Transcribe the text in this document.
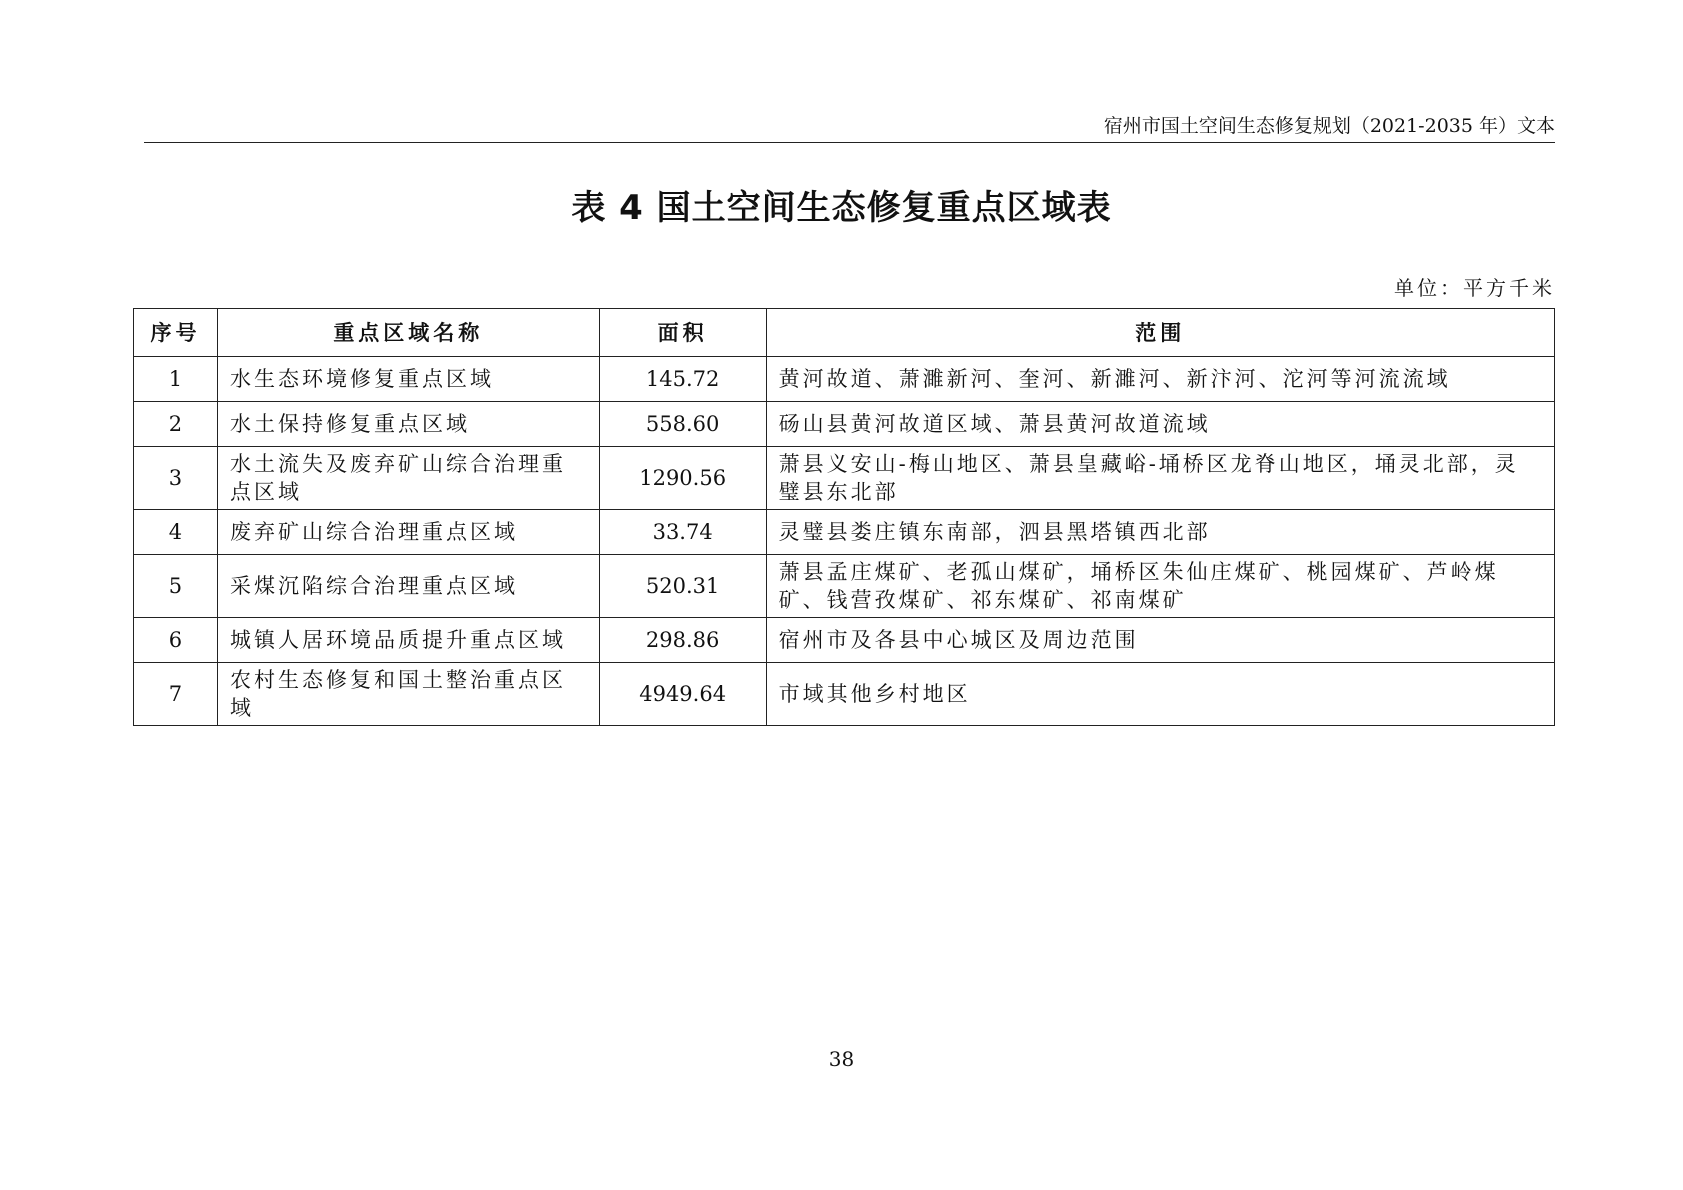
宿州市国土空间生态修复规划（2021-2035 年）文本
表 4 国土空间生态修复重点区域表
单位：平方千米
序号	重点区域名称	面积	范围
1	水生态环境修复重点区域	145.72	黄河故道、萧濉新河、奎河、新濉河、新汴河、沱河等河流流域
2	水土保持修复重点区域	558.60	砀山县黄河故道区域、萧县黄河故道流域
3	水土流失及废弃矿山综合治理重点区域	1290.56	萧县义安山-梅山地区、萧县皇藏峪-埇桥区龙脊山地区，埇灵北部，灵璧县东北部
4	废弃矿山综合治理重点区域	33.74	灵璧县娄庄镇东南部，泗县黑塔镇西北部
5	采煤沉陷综合治理重点区域	520.31	萧县孟庄煤矿、老孤山煤矿，埇桥区朱仙庄煤矿、桃园煤矿、芦岭煤矿、钱营孜煤矿、祁东煤矿、祁南煤矿
6	城镇人居环境品质提升重点区域	298.86	宿州市及各县中心城区及周边范围
7	农村生态修复和国土整治重点区域	4949.64	市域其他乡村地区
38
